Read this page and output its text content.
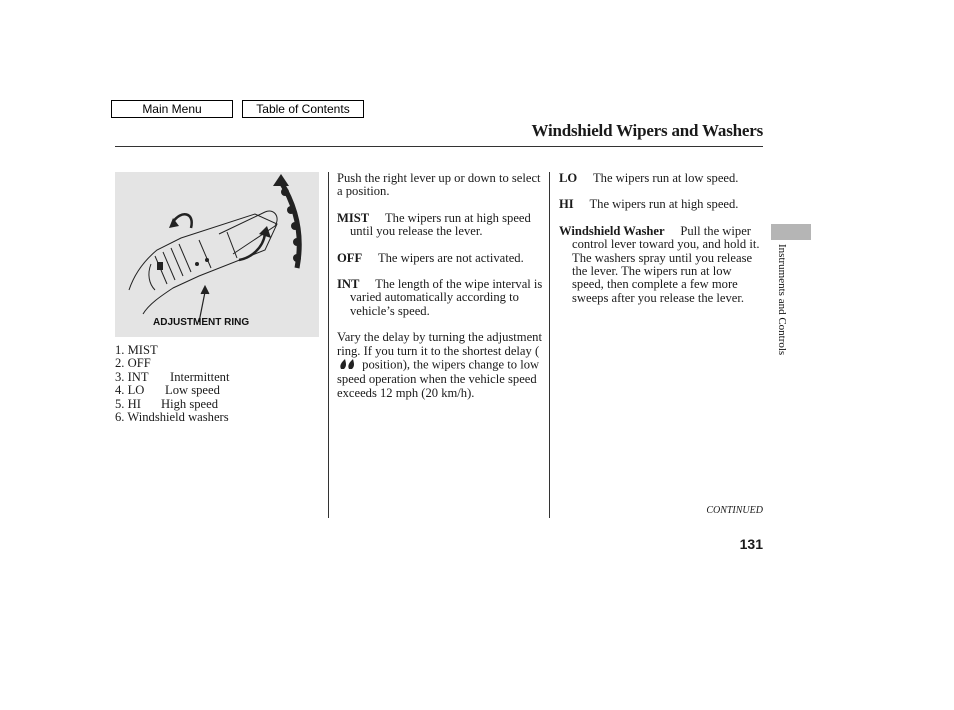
Main Menu	Table of Contents
Windshield Wipers and Washers
ADJUSTMENT RING
1. MIST
2. OFF
3. INT Intermittent
4. LO Low speed
5. HI High speed
6. Windshield washers

Push the right lever up or down to select a position.

MIST The wipers run at high speed until you release the lever.

OFF The wipers are not activated.

INT The length of the wipe interval is varied automatically according to vehicle’s speed.

Vary the delay by turning the adjustment ring. If you turn it to the shortest delay (  position), the wipers change to low speed operation when the vehicle speed exceeds 12 mph (20 km/h).

LO The wipers run at low speed.

HI The wipers run at high speed.

Windshield Washer Pull the wiper control lever toward you, and hold it. The washers spray until you release the lever. The wipers run at low speed, then complete a few more sweeps after you release the lever.	Instruments and Controls
CONTINUED
131
